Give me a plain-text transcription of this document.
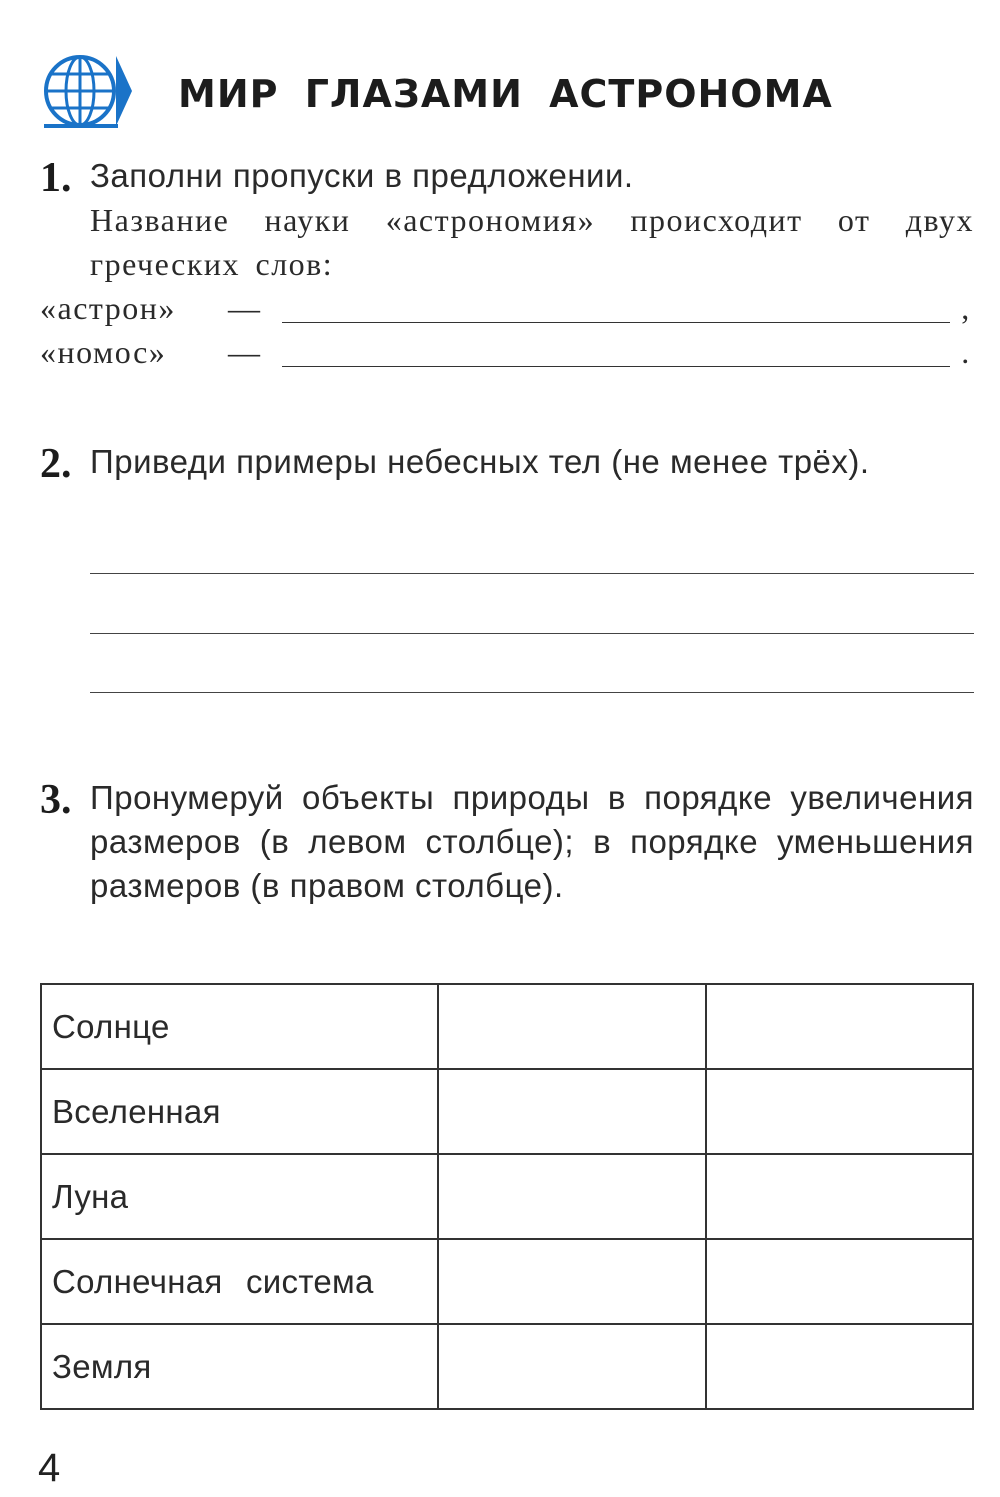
МИР ГЛАЗАМИ АСТРОНОМА
1. Заполни пропуски в предложении.
Название науки «астрономия» происходит от двух греческих слов:
«астрон» —	,
«номос» —	.
2. Приведи примеры небесных тел (не менее трёх).
3. Пронумеруй объекты природы в порядке увеличения размеров (в левом столбце); в порядке уменьшения размеров (в правом столбце).
Солнце		
Вселенная		
Луна		
Солнечная система		
Земля		
4
